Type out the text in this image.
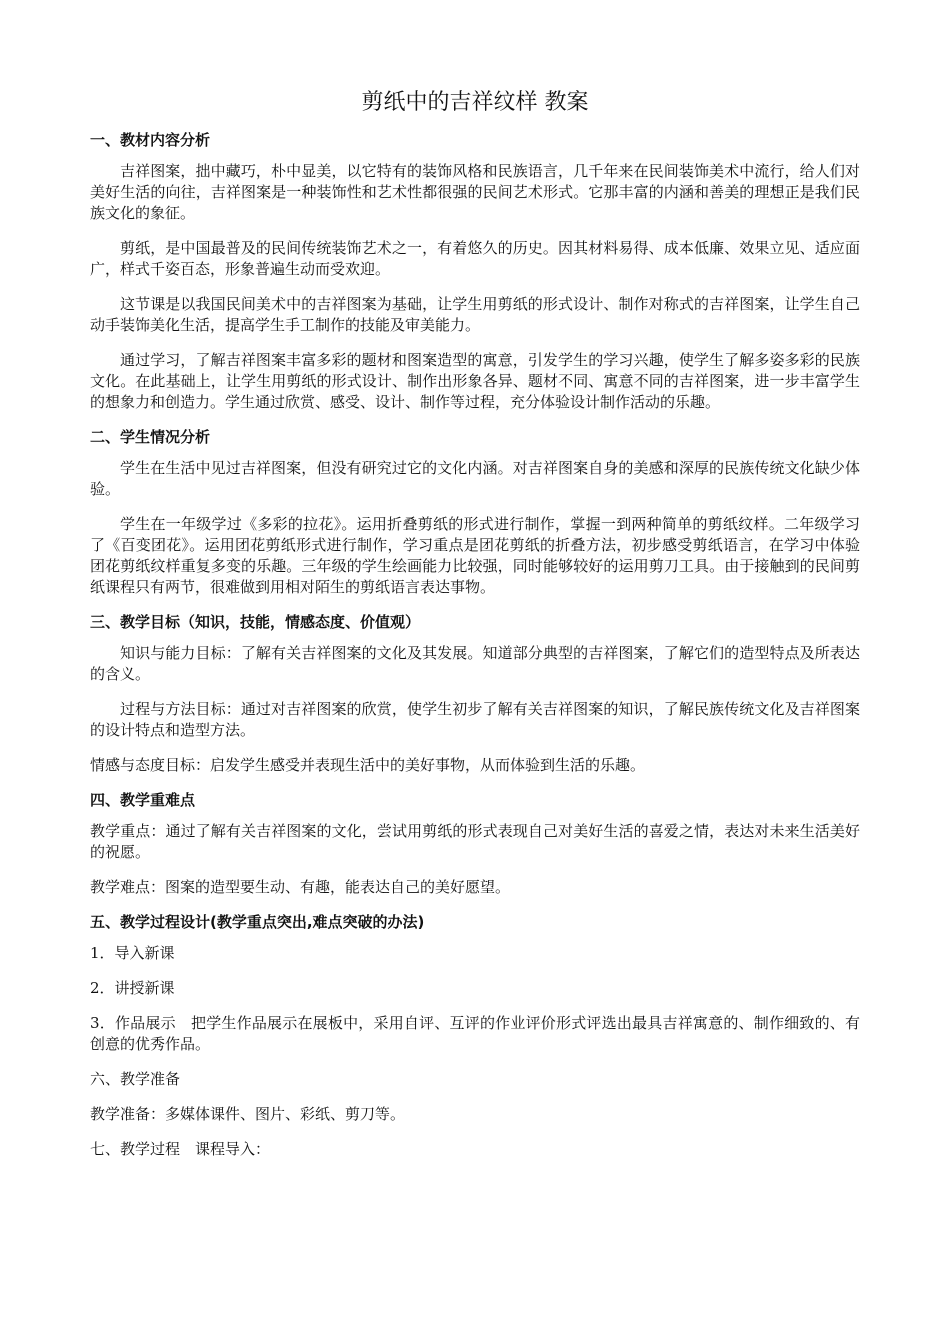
剪纸中的吉祥纹样 教案
一、教材内容分析
吉祥图案，拙中藏巧，朴中显美，以它特有的装饰风格和民族语言，几千年来在民间装饰美术中流行，给人们对美好生活的向往，吉祥图案是一种装饰性和艺术性都很强的民间艺术形式。它那丰富的内涵和善美的理想正是我们民族文化的象征。
剪纸，是中国最普及的民间传统装饰艺术之一，有着悠久的历史。因其材料易得、成本低廉、效果立见、适应面广，样式千姿百态，形象普遍生动而受欢迎。
这节课是以我国民间美术中的吉祥图案为基础，让学生用剪纸的形式设计、制作对称式的吉祥图案，让学生自己动手装饰美化生活，提高学生手工制作的技能及审美能力。
通过学习，了解吉祥图案丰富多彩的题材和图案造型的寓意，引发学生的学习兴趣，使学生了解多姿多彩的民族文化。在此基础上，让学生用剪纸的形式设计、制作出形象各异、题材不同、寓意不同的吉祥图案，进一步丰富学生的想象力和创造力。学生通过欣赏、感受、设计、制作等过程，充分体验设计制作活动的乐趣。
二、学生情况分析
学生在生活中见过吉祥图案，但没有研究过它的文化内涵。对吉祥图案自身的美感和深厚的民族传统文化缺少体验。
学生在一年级学过《多彩的拉花》。运用折叠剪纸的形式进行制作，掌握一到两种简单的剪纸纹样。二年级学习了《百变团花》。运用团花剪纸形式进行制作，学习重点是团花剪纸的折叠方法，初步感受剪纸语言，在学习中体验团花剪纸纹样重复多变的乐趣。三年级的学生绘画能力比较强，同时能够较好的运用剪刀工具。由于接触到的民间剪纸课程只有两节，很难做到用相对陌生的剪纸语言表达事物。
三、教学目标（知识，技能，情感态度、价值观）
知识与能力目标：了解有关吉祥图案的文化及其发展。知道部分典型的吉祥图案，了解它们的造型特点及所表达的含义。
过程与方法目标：通过对吉祥图案的欣赏，使学生初步了解有关吉祥图案的知识，了解民族传统文化及吉祥图案的设计特点和造型方法。
情感与态度目标：启发学生感受并表现生活中的美好事物，从而体验到生活的乐趣。
四、教学重难点
教学重点：通过了解有关吉祥图案的文化，尝试用剪纸的形式表现自己对美好生活的喜爱之情，表达对未来生活美好的祝愿。
教学难点：图案的造型要生动、有趣，能表达自己的美好愿望。
五、教学过程设计(教学重点突出,难点突破的办法)
1．导入新课
2．讲授新课
3．作品展示　把学生作品展示在展板中，采用自评、互评的作业评价形式评选出最具吉祥寓意的、制作细致的、有创意的优秀作品。
六、教学准备
教学准备：多媒体课件、图片、彩纸、剪刀等。
七、教学过程　课程导入：
